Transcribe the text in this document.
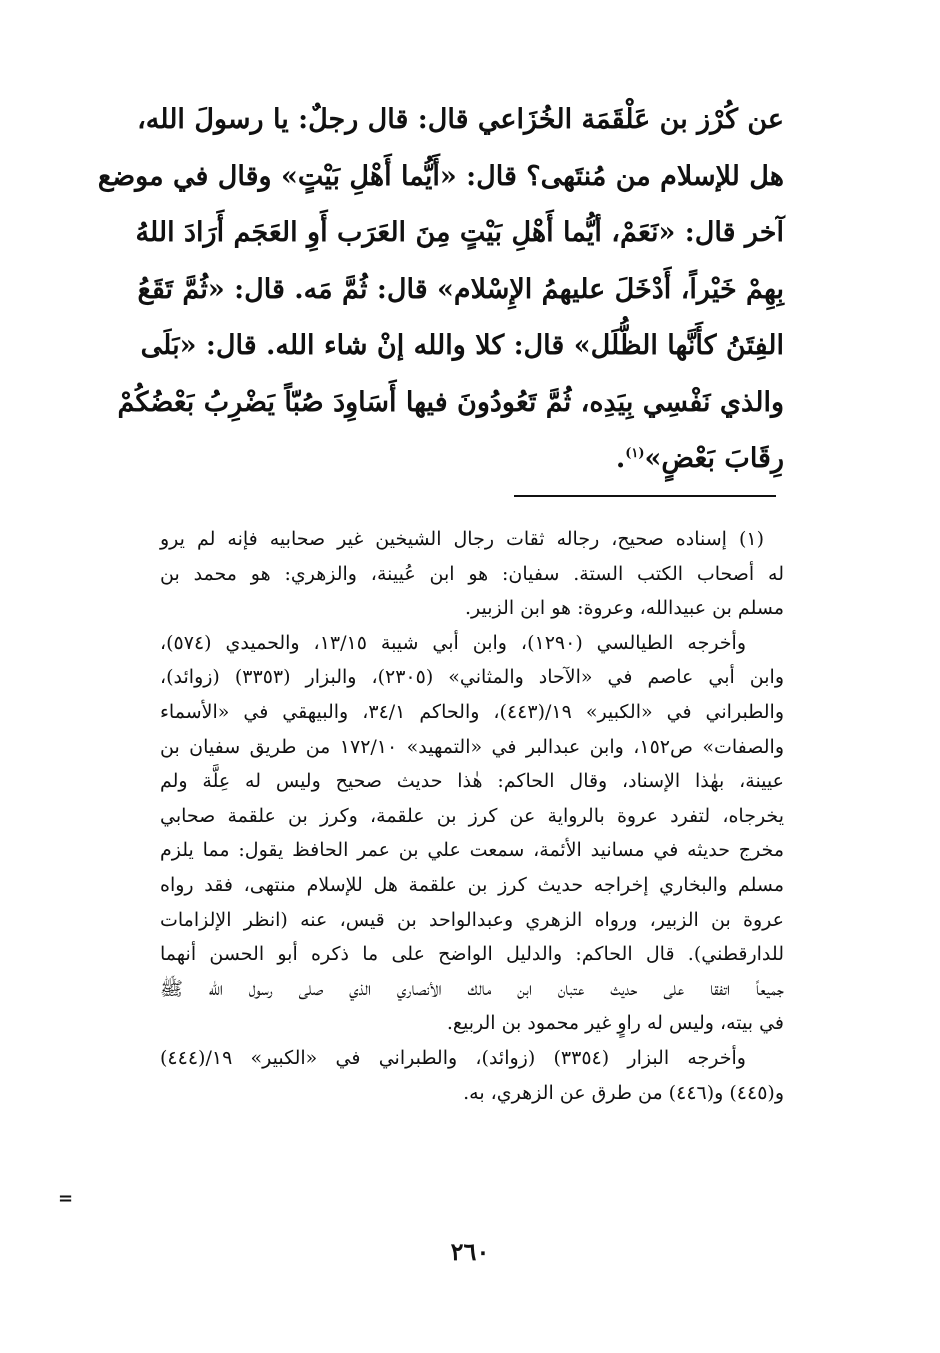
عن كُرْز بن عَلْقَمَة الخُزَاعي قال: قال رجلٌ: يا رسولَ الله،
هل للإسلام من مُنتَهى؟ قال: «أَيُّما أَهْلِ بَيْتٍ» وقال في موضع
آخر قال: «نَعَمْ، أيُّما أَهْلِ بَيْتٍ مِنَ العَرَب أَوِ العَجَم أَرَادَ اللهُ
بِهِمْ خَيْراً، أَدْخَلَ عليهمُ الإِسْلام» قال: ثُمَّ مَه. قال: «ثُمَّ تَقَعُ
الفِتَنُ كأَنَّها الظُّلَل» قال: كلا والله إنْ شاء الله. قال: «بَلَى
والذي نَفْسِي بِيَدِه، ثُمَّ تَعُودُونَ فيها أَسَاوِدَ صُبّاً يَضْرِبُ بَعْضُكُمْ
رِقَابَ بَعْضٍ»$^{(١)}$.
(١) إسناده صحيح، رجاله ثقات رجال الشيخين غير صحابيه فإنه لم يرو
له أصحاب الكتب الستة. سفيان: هو ابن عُيينة، والزهري: هو محمد بن
مسلم بن عبيدالله، وعروة: هو ابن الزبير.
وأخرجه الطيالسي (١٢٩٠)، وابن أبي شيبة ١٣/١٥، والحميدي (٥٧٤)،
وابن أبي عاصم في «الآحاد والمثاني» (٢٣٠٥)، والبزار (٣٣٥٣) (زوائد)،
والطبراني في «الكبير» ١٩/(٤٤٣)، والحاكم ٣٤/١، والبيهقي في «الأسماء
والصفات» ص١٥٢، وابن عبدالبر في «التمهيد» ١٧٢/١٠ من طريق سفيان بن
عيينة، بهٰذا الإسناد، وقال الحاكم: هٰذا حديث صحيح وليس له عِلَّة ولم
يخرجاه، لتفرد عروة بالرواية عن كرز بن علقمة، وكرز بن علقمة صحابي
مخرج حديثه في مسانيد الأئمة، سمعت علي بن عمر الحافظ يقول: مما يلزم
مسلم والبخاري إخراجه حديث كرز بن علقمة هل للإسلام منتهى، فقد رواه
عروة بن الزبير، ورواه الزهري وعبدالواحد بن قيس، عنه (انظر الإلزامات
للدارقطني). قال الحاكم: والدليل الواضح على ما ذكره أبو الحسن أنهما
جميعاً اتفقا على حديث عتبان ابن مالك الأنصاري الذي صلى رسول الله ﷺ
في بيته، وليس له راوٍ غير محمود بن الربيع.
وأخرجه البزار (٣٣٥٤) (زوائد)، والطبراني في «الكبير» ١٩/(٤٤٤)
و(٤٤٥) و(٤٤٦) من طرق عن الزهري، به.
=
٢٦٠
